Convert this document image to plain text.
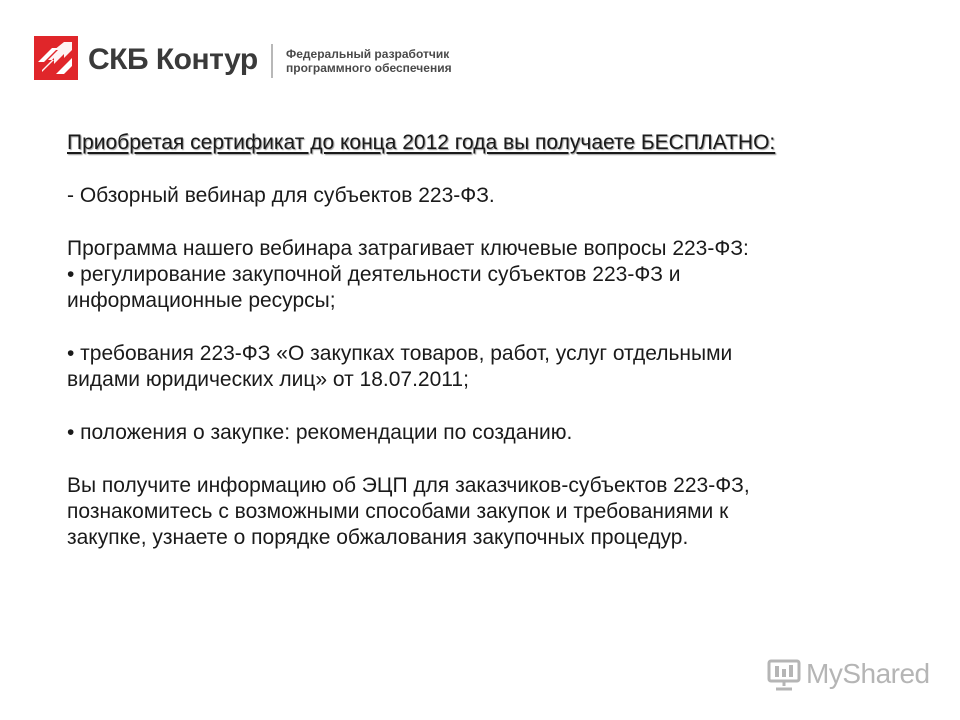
СКБ Контур Федеральный разработчик
программного обеспечения

Приобретая сертификат до конца 2012 года вы получаете БЕСПЛАТНО:

- Обзорный вебинар для субъектов 223-ФЗ.

Программа нашего вебинара затрагивает ключевые вопросы 223-ФЗ:

• регулирование закупочной деятельности субъектов 223-ФЗ и

информационные ресурсы;

• требования 223-ФЗ «О закупках товаров, работ, услуг отдельными

видами юридических лиц» от 18.07.2011;

• положения о закупке: рекомендации по созданию.

Вы получите информацию об ЭЦП для заказчиков-субъектов 223-ФЗ,

познакомитесь с возможными способами закупок и требованиями к

закупке, узнаете о порядке обжалования закупочных процедур.

MyShared
